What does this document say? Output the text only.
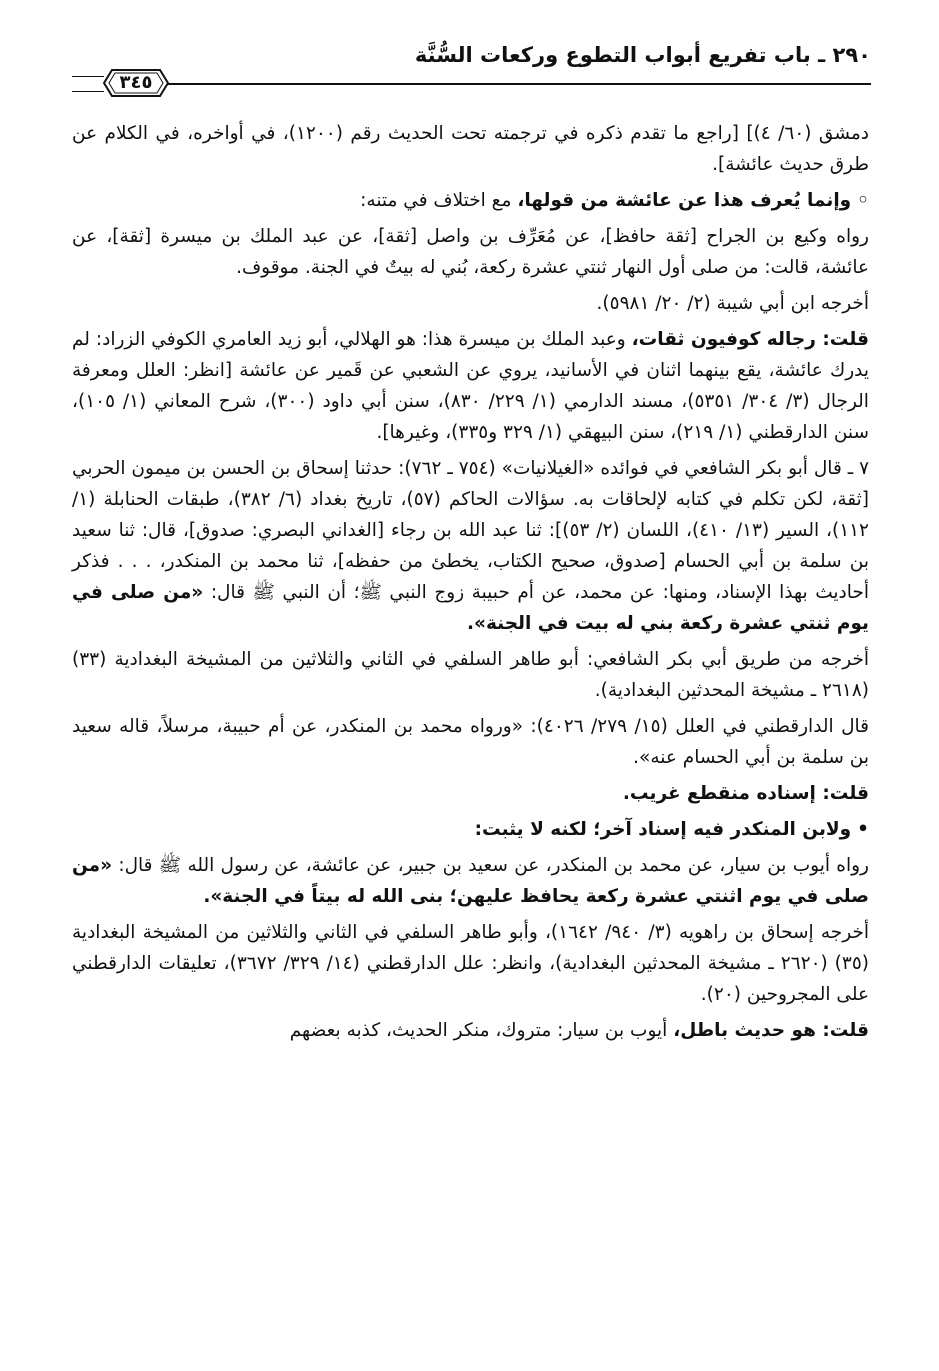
٢٩٠ ـ باب تفريع أبواب التطوع وركعات السُّنَّة
٣٤٥

دمشق (٦٠/ ٤)] [راجع ما تقدم ذكره في ترجمته تحت الحديث رقم (١٢٠٠)، في أواخره، في الكلام عن طرق حديث عائشة].

◦وإنما يُعرف هذا عن عائشة من قولها، مع اختلاف في متنه:

رواه وكيع بن الجراح [ثقة حافظ]، عن مُعَرِّف بن واصل [ثقة]، عن عبد الملك بن ميسرة [ثقة]، عن عائشة، قالت: من صلى أول النهار ثنتي عشرة ركعة، بُني له بيتٌ في الجنة. موقوف.

أخرجه ابن أبي شيبة (٢/ ٢٠/ ٥٩٨١).

قلت: رجاله كوفيون ثقات، وعبد الملك بن ميسرة هذا: هو الهلالي، أبو زيد العامري الكوفي الزراد: لم يدرك عائشة، يقع بينهما اثنان في الأسانيد، يروي عن الشعبي عن قَمير عن عائشة [انظر: العلل ومعرفة الرجال (٣/ ٣٠٤/ ٥٣٥١)، مسند الدارمي (١/ ٢٢٩/ ٨٣٠)، سنن أبي داود (٣٠٠)، شرح المعاني (١/ ١٠٥)، سنن الدارقطني (١/ ٢١٩)، سنن البيهقي (١/ ٣٢٩ و٣٣٥)، وغيرها].

٧ ـ قال أبو بكر الشافعي في فوائده «الغيلانيات» (٧٥٤ ـ ٧٦٢): حدثنا إسحاق بن الحسن بن ميمون الحربي [ثقة، لكن تكلم في كتابه لإلحاقات به. سؤالات الحاكم (٥٧)، تاريخ بغداد (٦/ ٣٨٢)، طبقات الحنابلة (١/ ١١٢)، السير (١٣/ ٤١٠)، اللسان (٢/ ٥٣)]: ثنا عبد الله بن رجاء [الغداني البصري: صدوق]، قال: ثنا سعيد بن سلمة بن أبي الحسام [صدوق، صحيح الكتاب، يخطئ من حفظه]، ثنا محمد بن المنكدر، . . . فذكر أحاديث بهذا الإسناد، ومنها: عن محمد، عن أم حبيبة زوج النبي ﷺ؛ أن النبي ﷺ قال: «من صلى في يوم ثنتي عشرة ركعة بني له بيت في الجنة».

أخرجه من طريق أبي بكر الشافعي: أبو طاهر السلفي في الثاني والثلاثين من المشيخة البغدادية (٣٣) (٢٦١٨ ـ مشيخة المحدثين البغدادية).

قال الدارقطني في العلل (١٥/ ٢٧٩/ ٤٠٢٦): «ورواه محمد بن المنكدر، عن أم حبيبة، مرسلاً، قاله سعيد بن سلمة بن أبي الحسام عنه».

قلت: إسناده منقطع غريب.

•ولابن المنكدر فيه إسناد آخر؛ لكنه لا يثبت:

رواه أيوب بن سيار، عن محمد بن المنكدر، عن سعيد بن جبير، عن عائشة، عن رسول الله ﷺ قال: «من صلى في يوم اثنتي عشرة ركعة يحافظ عليهن؛ بنى الله له بيتاً في الجنة».

أخرجه إسحاق بن راهويه (٣/ ٩٤٠/ ١٦٤٢)، وأبو طاهر السلفي في الثاني والثلاثين من المشيخة البغدادية (٣٥) (٢٦٢٠ ـ مشيخة المحدثين البغدادية)، وانظر: علل الدارقطني (١٤/ ٣٢٩/ ٣٦٧٢)، تعليقات الدارقطني على المجروحين (٢٠).

قلت: هو حديث باطل، أيوب بن سيار: متروك، منكر الحديث، كذبه بعضهم
